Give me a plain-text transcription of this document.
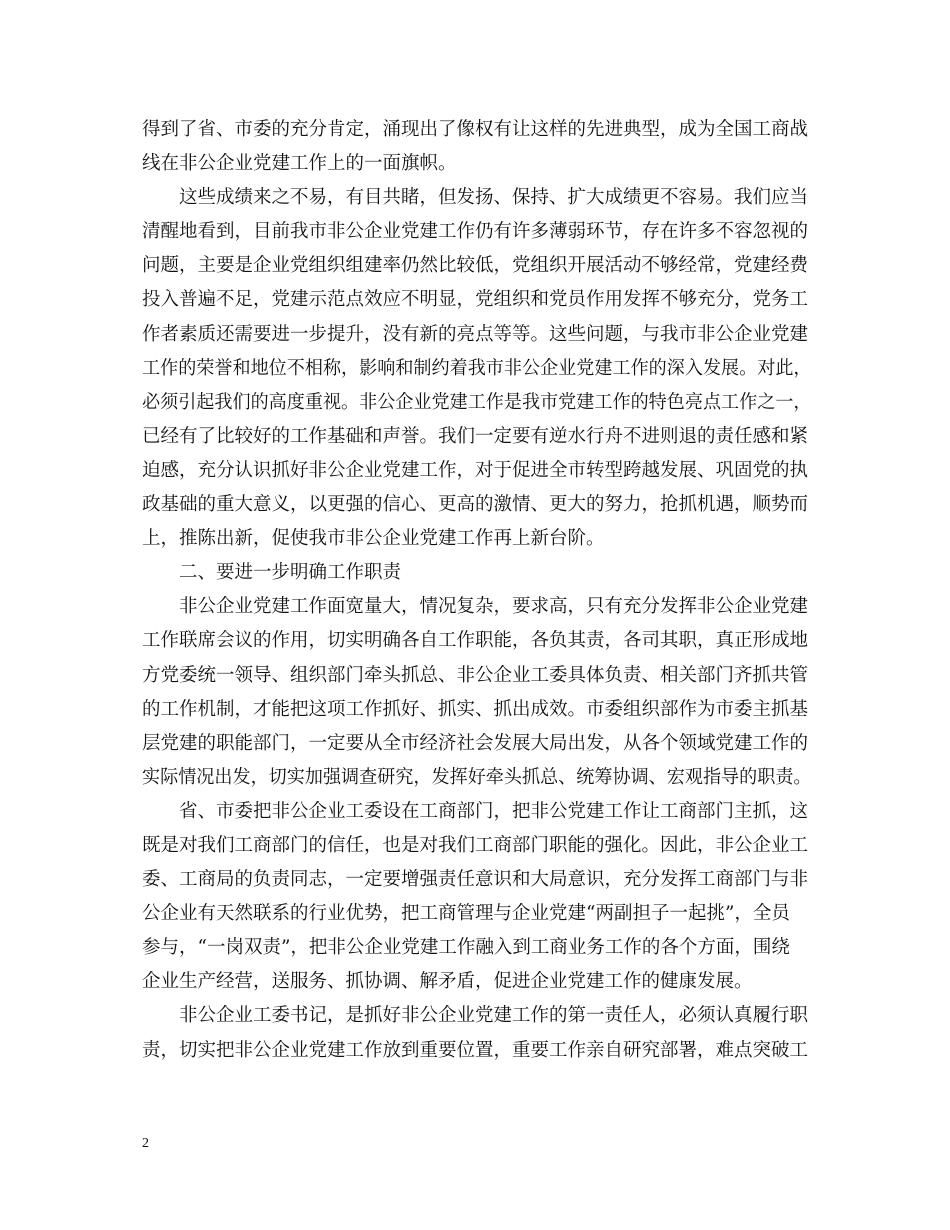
得到了省、市委的充分肯定，涌现出了像权有让这样的先进典型，成为全国工商战
线在非公企业党建工作上的一面旗帜。
这些成绩来之不易，有目共睹，但发扬、保持、扩大成绩更不容易。我们应当
清醒地看到，目前我市非公企业党建工作仍有许多薄弱环节，存在许多不容忽视的
问题，主要是企业党组织组建率仍然比较低，党组织开展活动不够经常，党建经费
投入普遍不足，党建示范点效应不明显，党组织和党员作用发挥不够充分，党务工
作者素质还需要进一步提升，没有新的亮点等等。这些问题，与我市非公企业党建
工作的荣誉和地位不相称，影响和制约着我市非公企业党建工作的深入发展。对此，
必须引起我们的高度重视。非公企业党建工作是我市党建工作的特色亮点工作之一，
已经有了比较好的工作基础和声誉。我们一定要有逆水行舟不进则退的责任感和紧
迫感，充分认识抓好非公企业党建工作，对于促进全市转型跨越发展、巩固党的执
政基础的重大意义，以更强的信心、更高的激情、更大的努力，抢抓机遇，顺势而
上，推陈出新，促使我市非公企业党建工作再上新台阶。
二、要进一步明确工作职责
非公企业党建工作面宽量大，情况复杂，要求高，只有充分发挥非公企业党建
工作联席会议的作用，切实明确各自工作职能，各负其责，各司其职，真正形成地
方党委统一领导、组织部门牵头抓总、非公企业工委具体负责、相关部门齐抓共管
的工作机制，才能把这项工作抓好、抓实、抓出成效。市委组织部作为市委主抓基
层党建的职能部门，一定要从全市经济社会发展大局出发，从各个领域党建工作的
实际情况出发，切实加强调查研究，发挥好牵头抓总、统筹协调、宏观指导的职责。
省、市委把非公企业工委设在工商部门，把非公党建工作让工商部门主抓，这
既是对我们工商部门的信任，也是对我们工商部门职能的强化。因此，非公企业工
委、工商局的负责同志，一定要增强责任意识和大局意识，充分发挥工商部门与非
公企业有天然联系的行业优势，把工商管理与企业党建“两副担子一起挑”，全员
参与，“一岗双责”，把非公企业党建工作融入到工商业务工作的各个方面，围绕
企业生产经营，送服务、抓协调、解矛盾，促进企业党建工作的健康发展。
非公企业工委书记，是抓好非公企业党建工作的第一责任人，必须认真履行职
责，切实把非公企业党建工作放到重要位置，重要工作亲自研究部署，难点突破工
2
